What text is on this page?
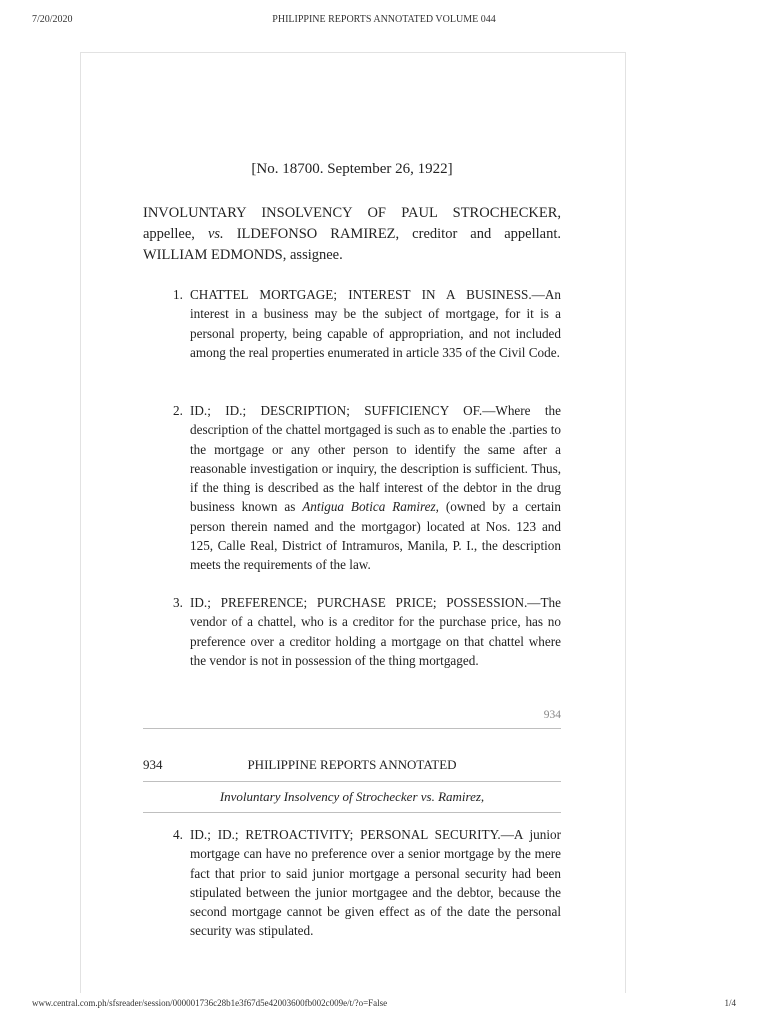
7/20/2020	PHILIPPINE REPORTS ANNOTATED VOLUME 044
[No. 18700. September 26, 1922]

INVOLUNTARY INSOLVENCY OF PAUL STROCHECKER, appellee, vs. ILDEFONSO RAMIREZ, creditor and appellant. WILLIAM EDMONDS, assignee.

1. CHATTEL MORTGAGE; INTEREST IN A BUSINESS.—An interest in a business may be the subject of mortgage, for it is a personal property, being capable of appropriation, and not included among the real properties enumerated in article 335 of the Civil Code.
2. ID.; ID.; DESCRIPTION; SUFFICIENCY OF.—Where the description of the chattel mortgaged is such as to enable the .parties to the mortgage or any other person to identify the same after a reasonable investigation or inquiry, the description is sufficient. Thus, if the thing is described as the half interest of the debtor in the drug business known as Antigua Botica Ramirez, (owned by a certain person therein named and the mortgagor) located at Nos. 123 and 125, Calle Real, District of Intramuros, Manila, P. I., the description meets the requirements of the law.
3. ID.; PREFERENCE; PURCHASE PRICE; POSSESSION.—The vendor of a chattel, who is a creditor for the purchase price, has no preference over a creditor holding a mortgage on that chattel where the vendor is not in possession of the thing mortgaged.
934
934	PHILIPPINE REPORTS ANNOTATED
Involuntary Insolvency of Strochecker vs. Ramirez,
4. ID.; ID.; RETROACTIVITY; PERSONAL SECURITY.—A junior mortgage can have no preference over a senior mortgage by the mere fact that prior to said junior mortgage a personal security had been stipulated between the junior mortgagee and the debtor, because the second mortgage cannot be given effect as of the date the personal security was stipulated.
www.central.com.ph/sfsreader/session/000001736c28b1e3f67d5e42003600fb002c009e/t/?o=False	1/4
